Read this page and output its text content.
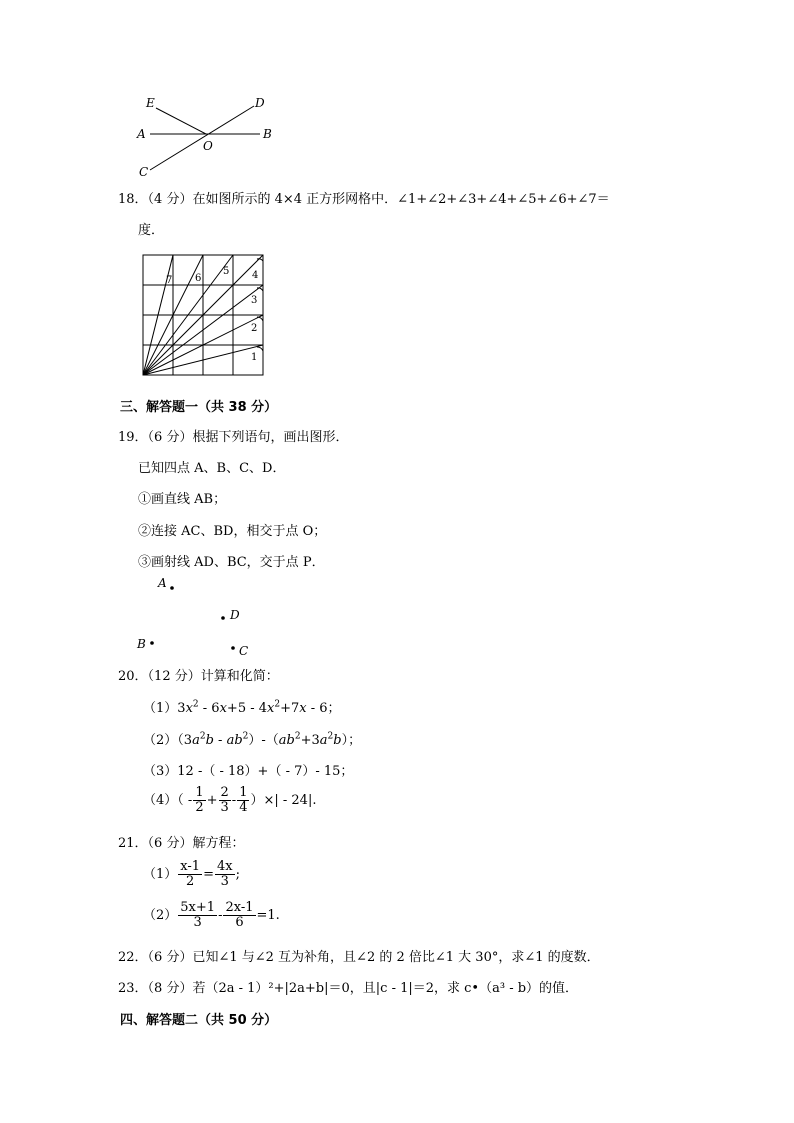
E	D
A	B
O
C
18．（4 分）在如图所示的 4×4 正方形网格中．∠1+∠2+∠3+∠4+∠5+∠6+∠7＝
度．
1
2
3
4
5
6
7
三、解答题一（共 38 分）
19．（6 分）根据下列语句，画出图形．
已知四点 A、B、C、D．
①画直线 AB；
②连接 AC、BD，相交于点 O；
③画射线 AD、BC，交于点 P．
A
D
B	C
20．（12 分）计算和化简：
$(1)3x^2 - 6x+5 - 4x^2+7x - 6$；
$(2)(3a^2b - ab^2)-(ab^2+3a^2b)$；
（3）12 -（ - 18）+（ - 7）- 15；
$(4)( - \frac{1}{2} + \frac{2}{3} - \frac{1}{4}$ ）×| - 24|.
21．（6 分）解方程：
$(1) \frac{x-1}{2} = \frac{4x}{3}$ ;
$(2) \frac{5x+1}{3} - \frac{2x-1}{6} =1$.
22．（6 分）已知∠1 与∠2 互为补角，且∠2 的 2 倍比∠1 大 30°，求∠1 的度数．
23．（8 分）若（2a - 1）²+|2a+b|＝0，且|c - 1|＝2，求 c•（a³ - b）的值．
四、解答题二（共 50 分）
